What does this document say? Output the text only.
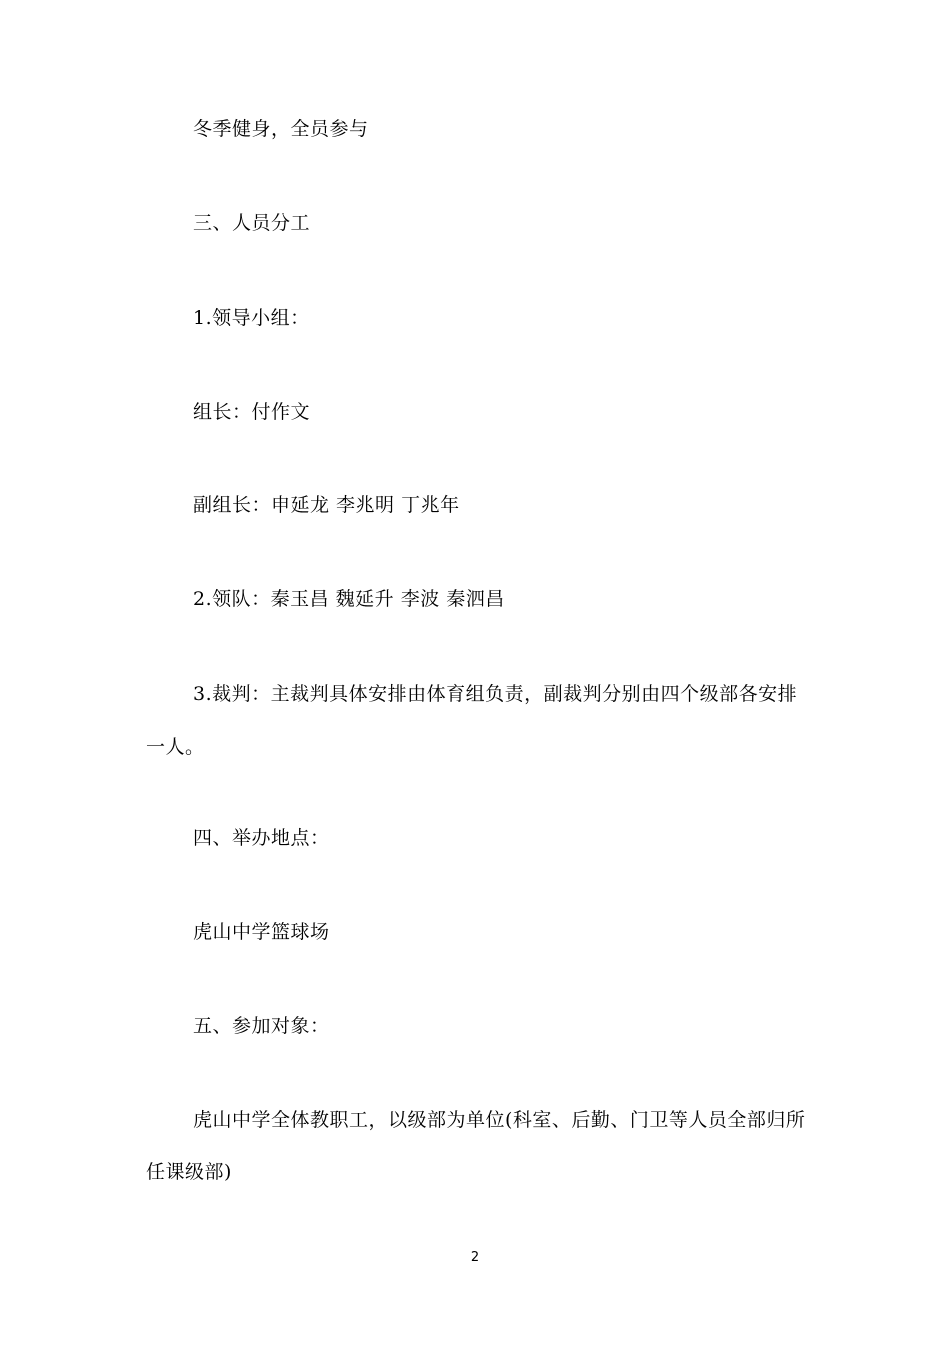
冬季健身，全员参与
三、人员分工
1.领导小组：
组长：付作文
副组长：申延龙 李兆明 丁兆年
2.领队：秦玉昌 魏延升 李波 秦泗昌
3.裁判：主裁判具体安排由体育组负责，副裁判分别由四个级部各安排
一人。
四、举办地点：
虎山中学篮球场
五、参加对象：
虎山中学全体教职工，以级部为单位(科室、后勤、门卫等人员全部归所
任课级部)
2
